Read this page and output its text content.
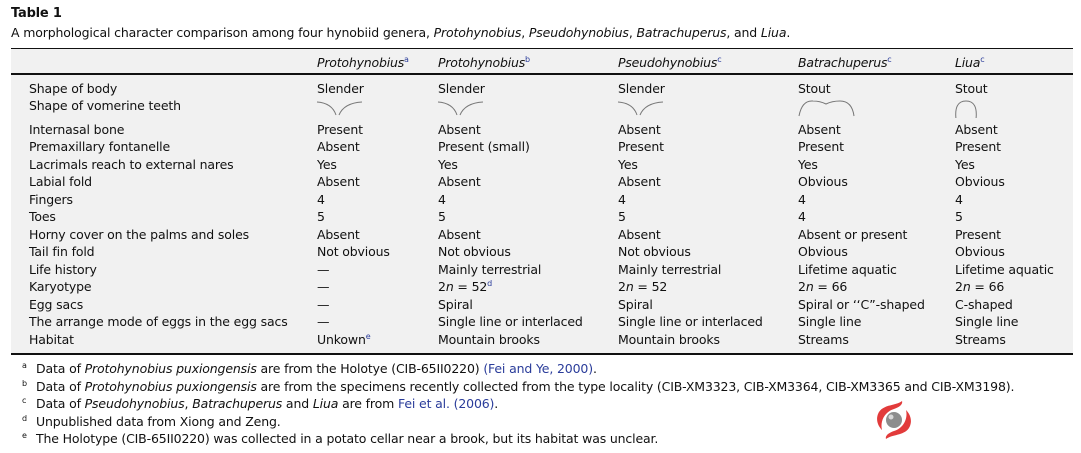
Table 1
A morphological character comparison among four hynobiid genera, Protohynobius, Pseudohynobius, Batrachuperus, and Liua.
Protohynobius$^a$ Protohynobius$^b$	Pseudohynobius$^c$	Batrachuperus$^c$	Liua$^c$
Shape of body	Slender	Slender	Slender	Stout	Stout
Shape of vomerine teeth
Internasal bone	Present	Absent	Absent	Absent	Absent
Premaxillary fontanelle	Absent	Present (small)	Present	Present	Present
Lacrimals reach to external nares	Yes	Yes	Yes	Yes	Yes
Labial fold	Absent	Absent	Absent	Obvious	Obvious
Fingers	4	4	4	4	4
Toes	5	5	5	4	5
Horny cover on the palms and soles	Absent	Absent	Absent	Absent or present	Present
Tail fin fold	Not obvious	Not obvious	Not obvious	Obvious	Obvious
Life history	—	Mainly terrestrial	Mainly terrestrial	Lifetime aquatic	Lifetime aquatic
Karyotype	—	$2n = 52^d$	2n = 52	2n = 66	2n = 66
Egg sacs	—	Spiral	Spiral	Spiral or ‘‘C”-shaped C-shaped
The arrange mode of eggs in the egg sacs —	Single line or interlaced	Single line or interlaced	Single line	Single line
Habitat	Unkown$^e$	Mountain brooks	Mountain brooks	Streams	Streams
a Data of Protohynobius puxiongensis are from the Holotye (CIB-65II0220) (Fei and Ye, 2000).
b Data of Protohynobius puxiongensis are from the specimens recently collected from the type locality (CIB-XM3323, CIB-XM3364, CIB-XM3365 and CIB-XM3198).
c Data of Pseudohynobius, Batrachuperus and Liua are from Fei et al. (2006).
d Unpublished data from Xiong and Zeng.
e The Holotype (CIB-65II0220) was collected in a potato cellar near a brook, but its habitat was unclear.
